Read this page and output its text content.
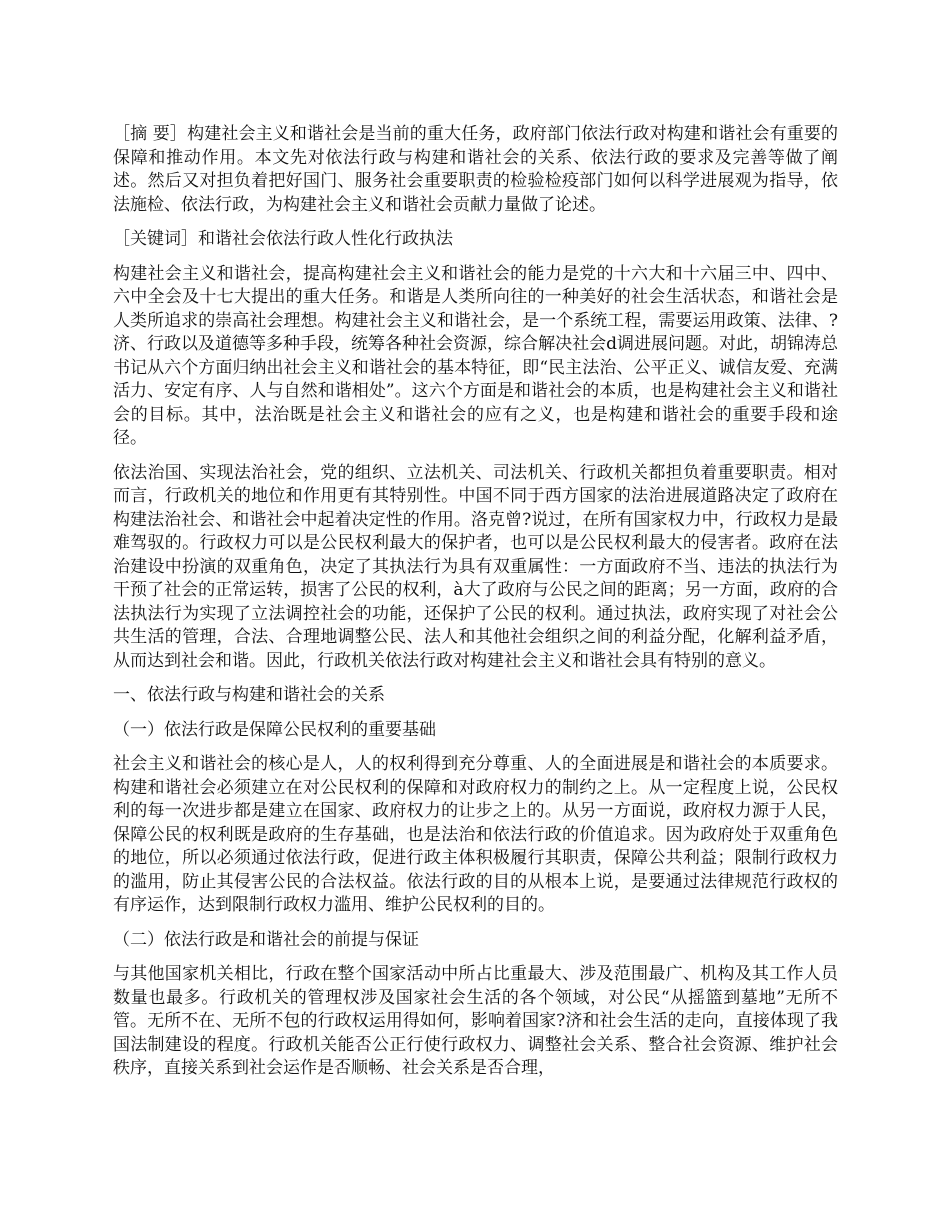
［摘 要］构建社会主义和谐社会是当前的重大任务，政府部门依法行政对构建和谐社会有重要的保障和推动作用。本文先对依法行政与构建和谐社会的关系、依法行政的要求及完善等做了阐述。然后又对担负着把好国门、服务社会重要职责的检验检疫部门如何以科学进展观为指导，依法施检、依法行政，为构建社会主义和谐社会贡献力量做了论述。

［关键词］和谐社会依法行政人性化行政执法

构建社会主义和谐社会，提高构建社会主义和谐社会的能力是党的十六大和十六届三中、四中、六中全会及十七大提出的重大任务。和谐是人类所向往的一种美好的社会生活状态，和谐社会是人类所追求的崇高社会理想。构建社会主义和谐社会，是一个系统工程，需要运用政策、法律、?济、行政以及道德等多种手段，统筹各种社会资源，综合解决社会d调进展问题。对此，胡锦涛总书记从六个方面归纳出社会主义和谐社会的基本特征，即“民主法治、公平正义、诚信友爱、充满活力、安定有序、人与自然和谐相处”。这六个方面是和谐社会的本质，也是构建社会主义和谐社会的目标。其中，法治既是社会主义和谐社会的应有之义，也是构建和谐社会的重要手段和途径。

依法治国、实现法治社会，党的组织、立法机关、司法机关、行政机关都担负着重要职责。相对而言，行政机关的地位和作用更有其特别性。中国不同于西方国家的法治进展道路决定了政府在构建法治社会、和谐社会中起着决定性的作用。洛克曾?说过，在所有国家权力中，行政权力是最难驾驭的。行政权力可以是公民权利最大的保护者，也可以是公民权利最大的侵害者。政府在法治建设中扮演的双重角色，决定了其执法行为具有双重属性：一方面政府不当、违法的执法行为干预了社会的正常运转，损害了公民的权利，à大了政府与公民之间的距离；另一方面，政府的合法执法行为实现了立法调控社会的功能，还保护了公民的权利。通过执法，政府实现了对社会公共生活的管理，合法、合理地调整公民、法人和其他社会组织之间的利益分配，化解利益矛盾，从而达到社会和谐。因此，行政机关依法行政对构建社会主义和谐社会具有特别的意义。

一、依法行政与构建和谐社会的关系

（一）依法行政是保障公民权利的重要基础

社会主义和谐社会的核心是人，人的权利得到充分尊重、人的全面进展是和谐社会的本质要求。构建和谐社会必须建立在对公民权利的保障和对政府权力的制约之上。从一定程度上说，公民权利的每一次进步都是建立在国家、政府权力的让步之上的。从另一方面说，政府权力源于人民，保障公民的权利既是政府的生存基础，也是法治和依法行政的价值追求。因为政府处于双重角色的地位，所以必须通过依法行政，促进行政主体积极履行其职责，保障公共利益；限制行政权力的滥用，防止其侵害公民的合法权益。依法行政的目的从根本上说，是要通过法律规范行政权的有序运作，达到限制行政权力滥用、维护公民权利的目的。

（二）依法行政是和谐社会的前提与保证

与其他国家机关相比，行政在整个国家活动中所占比重最大、涉及范围最广、机构及其工作人员数量也最多。行政机关的管理权涉及国家社会生活的各个领域，对公民“从摇篮到墓地”无所不管。无所不在、无所不包的行政权运用得如何，影响着国家?济和社会生活的走向，直接体现了我国法制建设的程度。行政机关能否公正行使行政权力、调整社会关系、整合社会资源、维护社会秩序，直接关系到社会运作是否顺畅、社会关系是否合理，
